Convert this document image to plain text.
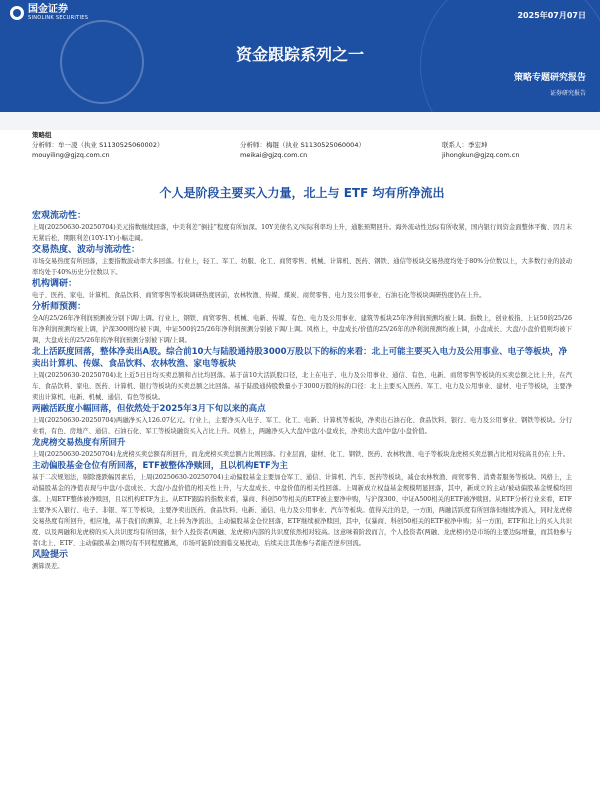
国金证券
SINOLINK SECURITIES	2025年07月07日
资金跟踪系列之一
策略专题研究报告
证券研究报告
策略组
分析师：牟一凌（执业 S1130525060002）	分析师：梅锟（执业 S1130525060004）	联系人：季宏坤
mouyiling@gjzq.com.cn	meikai@gjzq.com.cn	jihongkun@gjzq.com.cn
个人是阶段主要买入力量，北上与 ETF 均有所净流出
宏观流动性：
上周(20250630-20250704)美元指数继续回落，中美利差“倒挂”程度有所加深。10Y美债名义/实际利率均上升，通胀预期回升。海外流动性边际有所收紧，国内银行间资金面整体平衡、因月末无紧后松，期限利差(10Y-1Y)小幅走阔。
交易热度、波动与流动性：
市场交易热度有所回落，主要指数波动率大多回落。行业上，轻工、军工、纺服、化工、商贸零售、机械、计算机、医药、钢铁、通信等板块交易热度均处于80%分位数以上，大多数行业的波动率均处于40%历史分位数以下。
机构调研：
电子、医药、家电、计算机、食品饮料、商贸零售等板块调研热度居前，农林牧渔、传媒、煤炭、商贸零售、电力及公用事业、石油石化等板块调研热度仍在上升。
分析师预测：
全A的25/26年净利润预测被分别下调/上调。行业上，钢铁、商贸零售、机械、电新、传媒、有色、电力及公用事业、建筑等板块25年净利润预测均被上调。指数上，创业板指、上证50的25/26年净利润预测均被上调，沪深300则均被下调，中证500的25/26年净利润预测分别被下调/上调。风格上，中盘成长/价值的25/26年的净利润预测均被上调，小盘成长、大盘/小盘价值则均被下调，大盘成长的25/26年的净利润预测分别被下调/上调。
北上活跃度回落，整体净卖出A股。综合前10大与陆股通持股3000万股以下的标的来看：北上可能主要买入电力及公用事业、电子等板块，净卖出计算机、传媒、食品饮料、农林牧渔、家电等板块
上周(20250630-20250704)北上近5日日均买卖总额和占比均回落。基于前10大活跃股口径，北上在电子、电力及公用事业、通信、有色、电新、商贸零售等板块的买卖总额之比上升，在汽车、食品饮料、家电、医药、计算机、银行等板块的买卖总额之比回落。基于陆股通持股数量小于3000万股的标的口径：北上主要买入医药、军工、电力及公用事业、建材、电子等板块，主要净卖出计算机、电新、机械、通信、有色等板块。
两融活跃度小幅回落，但依然处于2025年3月下旬以来的高点
上周(20250630-20250704)两融净买入126.07亿元。行业上，主要净买入电子、军工、化工、电新、计算机等板块，净卖出石油石化、食品饮料、银行、电力及公用事业、钢铁等板块。分行业看，有色、房地产、通信、石油石化、军工等板块融资买入占比上升。风格上，两融净买入大盘/中盘/小盘成长，净卖出大盘/中盘/小盘价值。
龙虎榜交易热度有所回升
上周(20250630-20250704)龙虎榜买卖总额有所回升，而龙虎榜买卖总额占比则回落。行业层面，建材、化工、钢铁、医药、农林牧渔、电子等板块龙虎榜买卖总额占比相对较高且仍在上升。
主动偏股基金仓位有所回落，ETF被整体净赎回，且以机构ETF为主
基于二次规划法，剔除涨跌幅因素后，上周(20250630-20250704)主动偏股基金主要加仓军工、通信、计算机、汽车、医药等板块，减仓农林牧渔、商贸零售、消费者服务等板块。风格上，主动偏股基金的净值表现与中盘/小盘成长、大盘/小盘价值的相关性上升，与大盘成长、中盘价值的相关性回落。上周新成立权益基金规模明显回落，其中，新成立的主动/被动偏股基金规模均回落。上周ETF整体被净赎回，且以机构ETF为主。从ETF跟踪的指数来看，暴商、科创50等相关的ETF被主要净申购，与沪深300、中证A500相关的ETF被净赎回。从ETF分析行业来看，ETF主要净买入银行、电子、非银、军工等板块，主要净卖出医药、食品饮料、电新、通信、电力及公用事业、汽车等板块。值得关注的是，一方面，两融活跃度有所回落但继续净流入，同时龙虎榜交易热度有所回升，相应地，基于我们的测算，北上转为净流出，主动偏股基金仓位回落，ETF继续被净赎回，其中，仅暴商、科创50相关的ETF被净申购；另一方面，ETF和北上的买入共识度、以及两融和龙虎榜的买入共识度均有所回落，但个人投资者(两融、龙虎榜)内部的共识度依然相对较高。这意味着阶段而言，个人投资者(两融、龙虎榜)仍是市场的主要边际增量，而其他参与者(北上、ETF、主动偏股基金)则均有不同程度撤离，市场可能阶段面临交易扰动，后续关注其他参与者能否逆步回流。
风险提示
测算误差。
